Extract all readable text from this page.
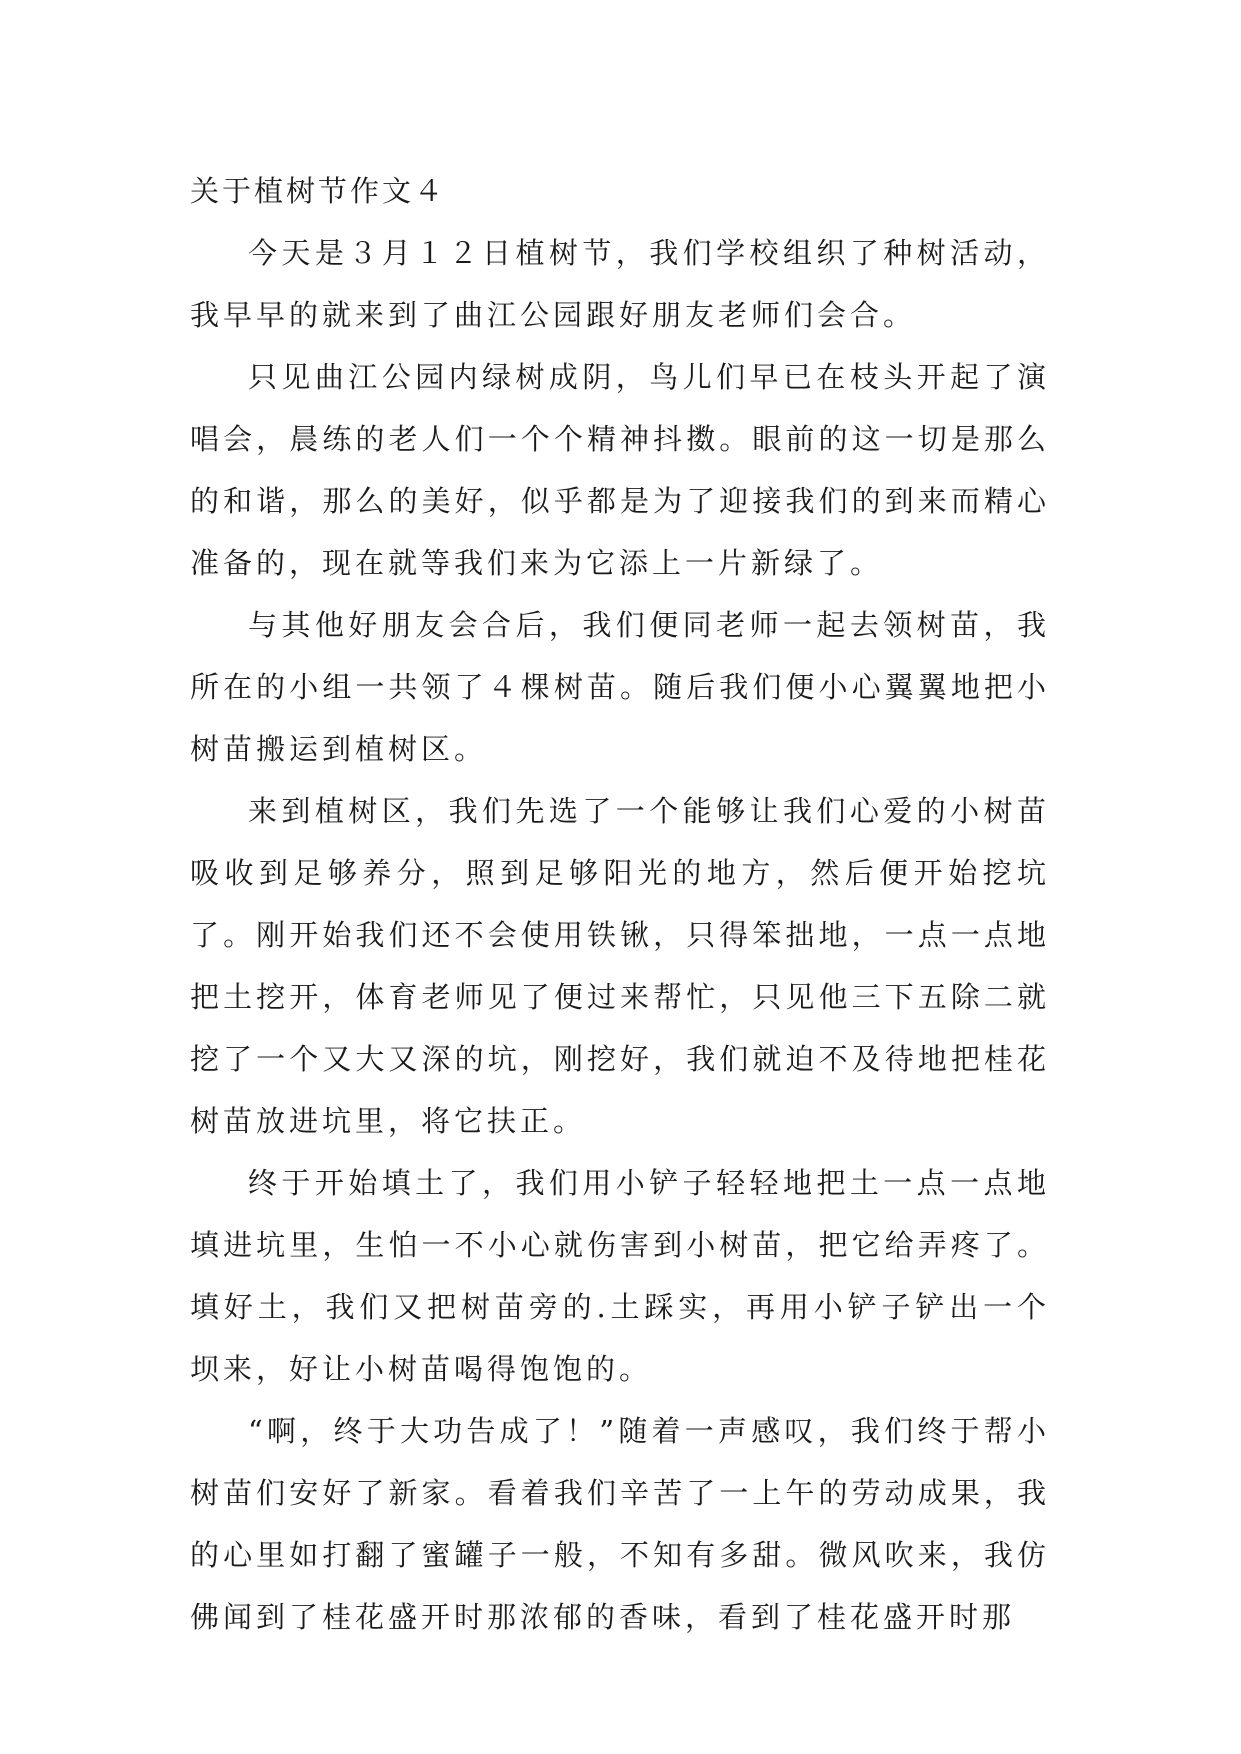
关于植树节作文４

今天是３月１２日植树节，我们学校组织了种树活动，我早早的就来到了曲江公园跟好朋友老师们会合。

只见曲江公园内绿树成阴，鸟儿们早已在枝头开起了演唱会，晨练的老人们一个个精神抖擞。眼前的这一切是那么的和谐，那么的美好，似乎都是为了迎接我们的到来而精心准备的，现在就等我们来为它添上一片新绿了。

与其他好朋友会合后，我们便同老师一起去领树苗，我所在的小组一共领了４棵树苗。随后我们便小心翼翼地把小树苗搬运到植树区。

来到植树区，我们先选了一个能够让我们心爱的小树苗吸收到足够养分，照到足够阳光的地方，然后便开始挖坑了。刚开始我们还不会使用铁锹，只得笨拙地，一点一点地把土挖开，体育老师见了便过来帮忙，只见他三下五除二就挖了一个又大又深的坑，刚挖好，我们就迫不及待地把桂花树苗放进坑里，将它扶正。

终于开始填土了，我们用小铲子轻轻地把土一点一点地填进坑里，生怕一不小心就伤害到小树苗，把它给弄疼了。填好土，我们又把树苗旁的.土踩实，再用小铲子铲出一个坝来，好让小树苗喝得饱饱的。

“啊，终于大功告成了！”随着一声感叹，我们终于帮小树苗们安好了新家。看着我们辛苦了一上午的劳动成果，我的心里如打翻了蜜罐子一般，不知有多甜。微风吹来，我仿佛闻到了桂花盛开时那浓郁的香味，看到了桂花盛开时那
